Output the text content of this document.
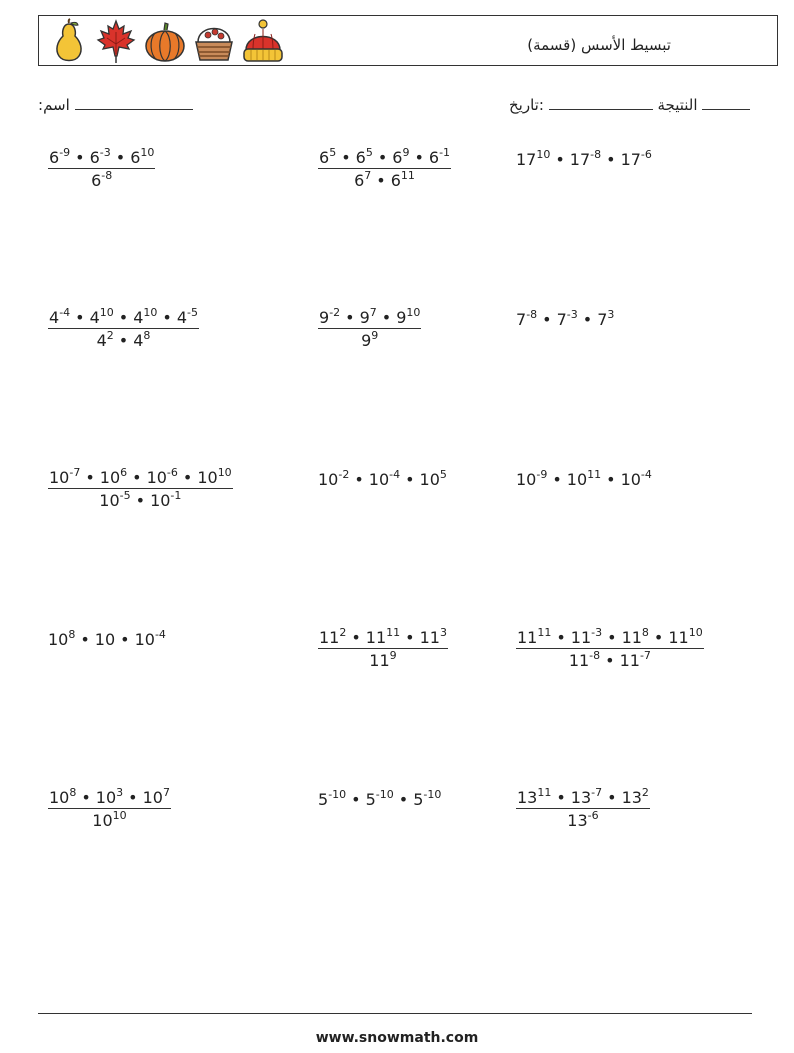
تبسيط الأسس (قسمة)
:اسم	النتيجة  :تاريخ
$\frac{6^{-9} • 6^{-3} • 6^{10}}{6^{-8}}$	$\frac{6^5 • 6^5 • 6^9 • 6^{-1}}{6^7 • 6^{11}}$	$17^{10}$ • $17^{-8}$ • $17^{-6}$
$\frac{4^{-4} • 4^{10} • 4^{10} • 4^{-5}}{4^2 • 4^8}$	$\frac{9^{-2} • 9^7 • 9^{10}}{9^9}$	$7^{-8}$ • $7^{-3}$ • $7^3$
$\frac{10^{-7} • 10^6 • 10^{-6} • 10^{10}}{10^{-5} • 10^{-1}}$	$10^{-2}$ • $10^{-4}$ • $10^5$	$10^{-9}$ • $10^{11}$ • $10^{-4}$
$10^8$ • 10 • $10^{-4}$	$\frac{11^2 • 11^{11} • 11^3}{11^9}$	$\frac{11^{11} • 11^{-3} • 11^8 • 11^{10}}{11^{-8} • 11^{-7}}$
$\frac{10^8 • 10^3 • 10^7}{10^{10}}$	$5^{-10}$ • $5^{-10}$ • $5^{-10}$	$\frac{13^{11} • 13^{-7} • 13^2}{13^{-6}}$
www.snowmath.com
